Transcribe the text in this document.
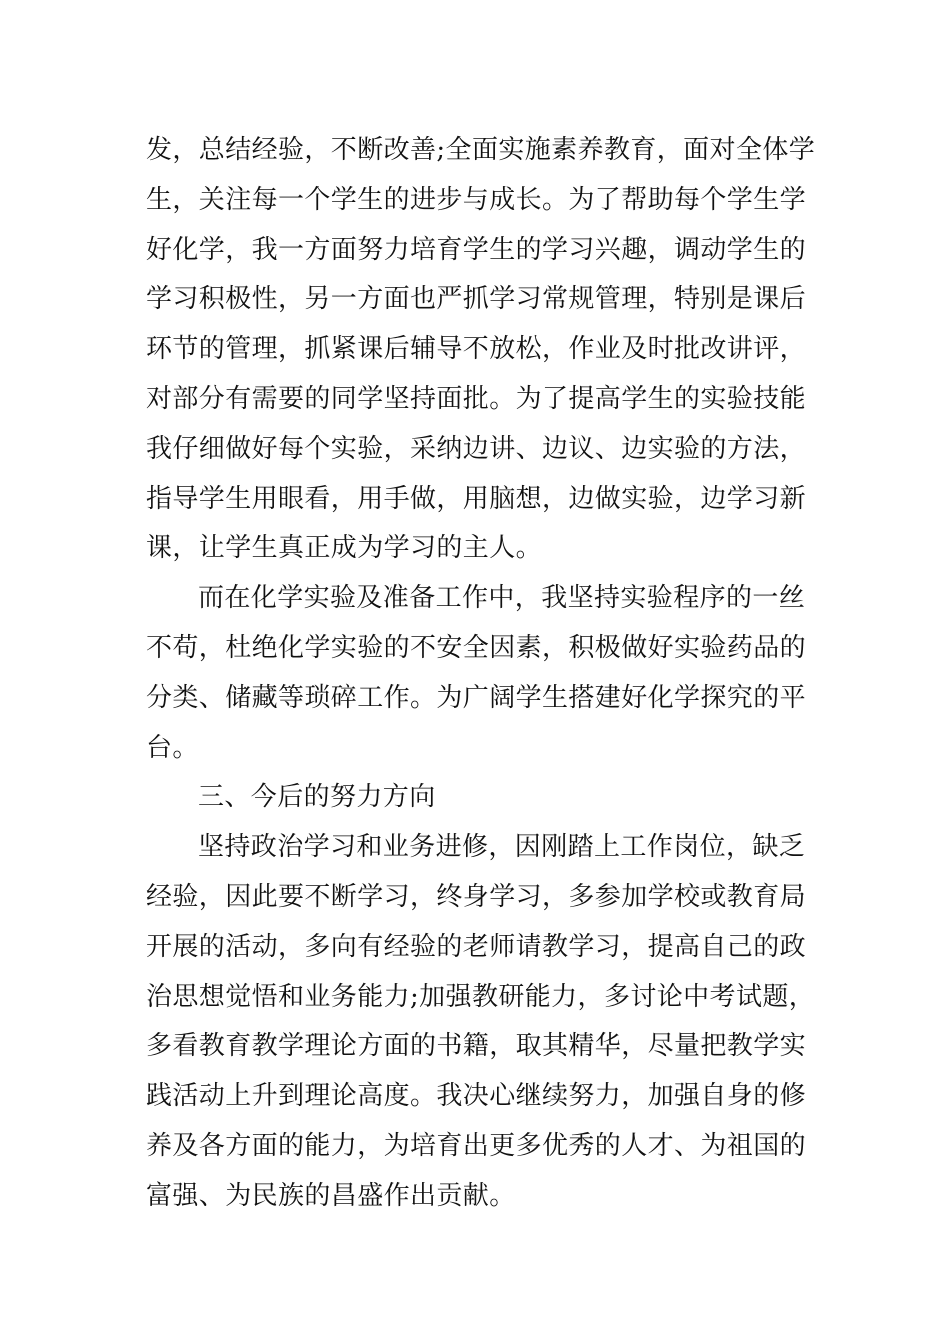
发，总结经验，不断改善;全面实施素养教育，面对全体学
生，关注每一个学生的进步与成长。为了帮助每个学生学
好化学，我一方面努力培育学生的学习兴趣，调动学生的
学习积极性，另一方面也严抓学习常规管理，特别是课后
环节的管理，抓紧课后辅导不放松，作业及时批改讲评，
对部分有需要的同学坚持面批。为了提高学生的实验技能
我仔细做好每个实验，采纳边讲、边议、边实验的方法，
指导学生用眼看，用手做，用脑想，边做实验，边学习新
课，让学生真正成为学习的主人。
而在化学实验及准备工作中，我坚持实验程序的一丝
不苟，杜绝化学实验的不安全因素，积极做好实验药品的
分类、储藏等琐碎工作。为广阔学生搭建好化学探究的平
台。
三、今后的努力方向
坚持政治学习和业务进修，因刚踏上工作岗位，缺乏
经验，因此要不断学习，终身学习，多参加学校或教育局
开展的活动，多向有经验的老师请教学习，提高自己的政
治思想觉悟和业务能力;加强教研能力，多讨论中考试题，
多看教育教学理论方面的书籍，取其精华，尽量把教学实
践活动上升到理论高度。我决心继续努力，加强自身的修
养及各方面的能力，为培育出更多优秀的人才、为祖国的
富强、为民族的昌盛作出贡献。
